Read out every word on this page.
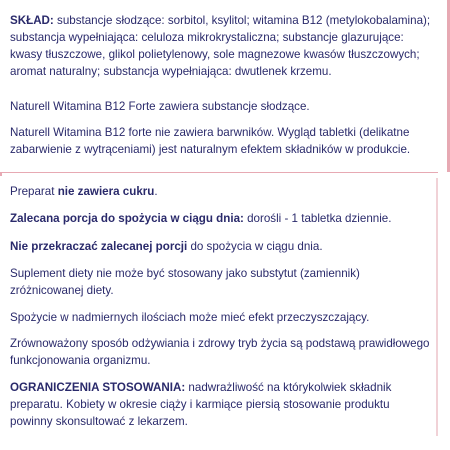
SKŁAD: substancje słodzące: sorbitol, ksylitol; witamina B12 (metylokobalamina); substancja wypełniająca: celuloza mikrokrystaliczna; substancje glazurujące: kwasy tłuszczowe, glikol polietylenowy, sole magnezowe kwasów tłuszczowych; aromat naturalny; substancja wypełniająca: dwutlenek krzemu.

Naturell Witamina B12 Forte zawiera substancje słodzące.

Naturell Witamina B12 forte nie zawiera barwników. Wygląd tabletki (delikatne zabarwienie z wytrąceniami) jest naturalnym efektem składników w produkcie.

Preparat nie zawiera cukru.

Zalecana porcja do spożycia w ciągu dnia: dorośli - 1 tabletka dziennie.

Nie przekraczać zalecanej porcji do spożycia w ciągu dnia.

Suplement diety nie może być stosowany jako substytut (zamiennik) zróżnicowanej diety.

Spożycie w nadmiernych ilościach może mieć efekt przeczyszczający.

Zrównoważony sposób odżywiania i zdrowy tryb życia są podstawą prawidłowego funkcjonowania organizmu.

OGRANICZENIA STOSOWANIA: nadwrażliwość na którykolwiek składnik preparatu. Kobiety w okresie ciąży i karmiące piersią stosowanie produktu powinny skonsultować z lekarzem.
